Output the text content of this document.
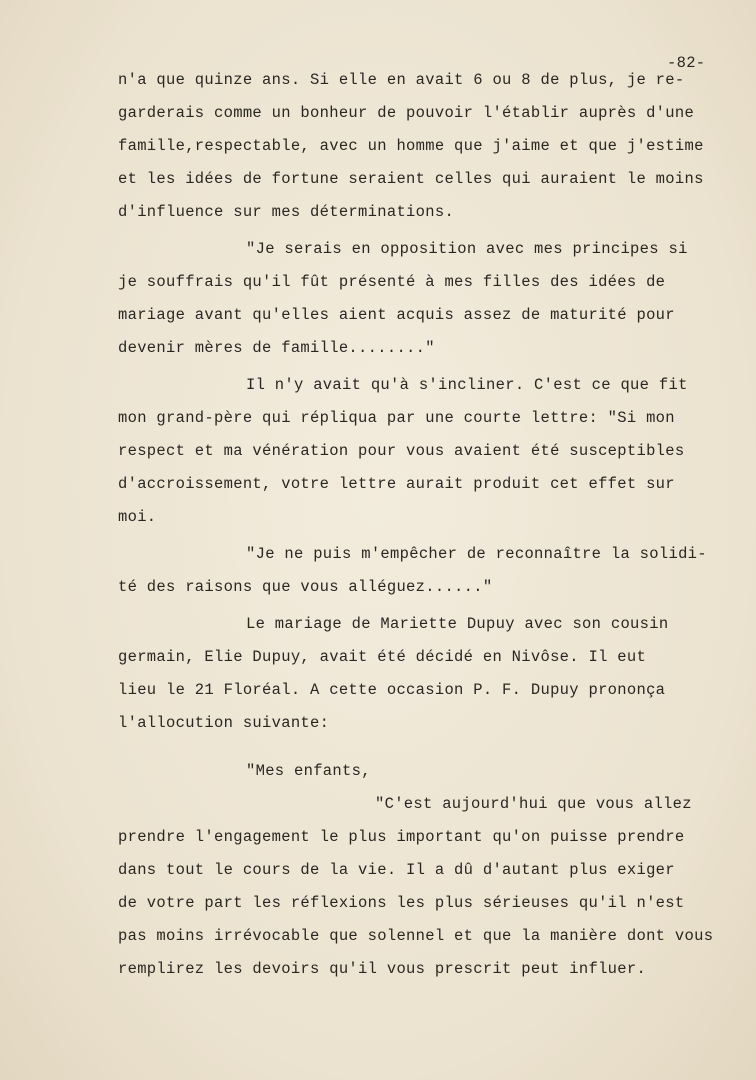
-82-
n'a que quinze ans. Si elle en avait 6 ou 8 de plus, je re-
garderais comme un bonheur de pouvoir l'établir auprès d'une
famille,respectable, avec un homme que j'aime et que j'estime
et les idées de fortune seraient celles qui auraient le moins
d'influence sur mes déterminations.
"Je serais en opposition avec mes principes si
je souffrais qu'il fût présenté à mes filles des idées de
mariage avant qu'elles aient acquis assez de maturité pour
devenir mères de famille........"
Il n'y avait qu'à s'incliner. C'est ce que fit
mon grand-père qui répliqua par une courte lettre: "Si mon
respect et ma vénération pour vous avaient été susceptibles
d'accroissement, votre lettre aurait produit cet effet sur
moi.
"Je ne puis m'empêcher de reconnaître la solidi-
té des raisons que vous alléguez......"
Le mariage de Mariette Dupuy avec son cousin
germain, Elie Dupuy, avait été décidé en Nivôse. Il eut
lieu le 21 Floréal. A cette occasion P. F. Dupuy prononça
l'allocution suivante:
"Mes enfants,
"C'est aujourd'hui que vous allez
prendre l'engagement le plus important qu'on puisse prendre
dans tout le cours de la vie. Il a dû d'autant plus exiger
de votre part les réflexions les plus sérieuses qu'il n'est
pas moins irrévocable que solennel et que la manière dont vous
remplirez les devoirs qu'il vous prescrit peut influer.
